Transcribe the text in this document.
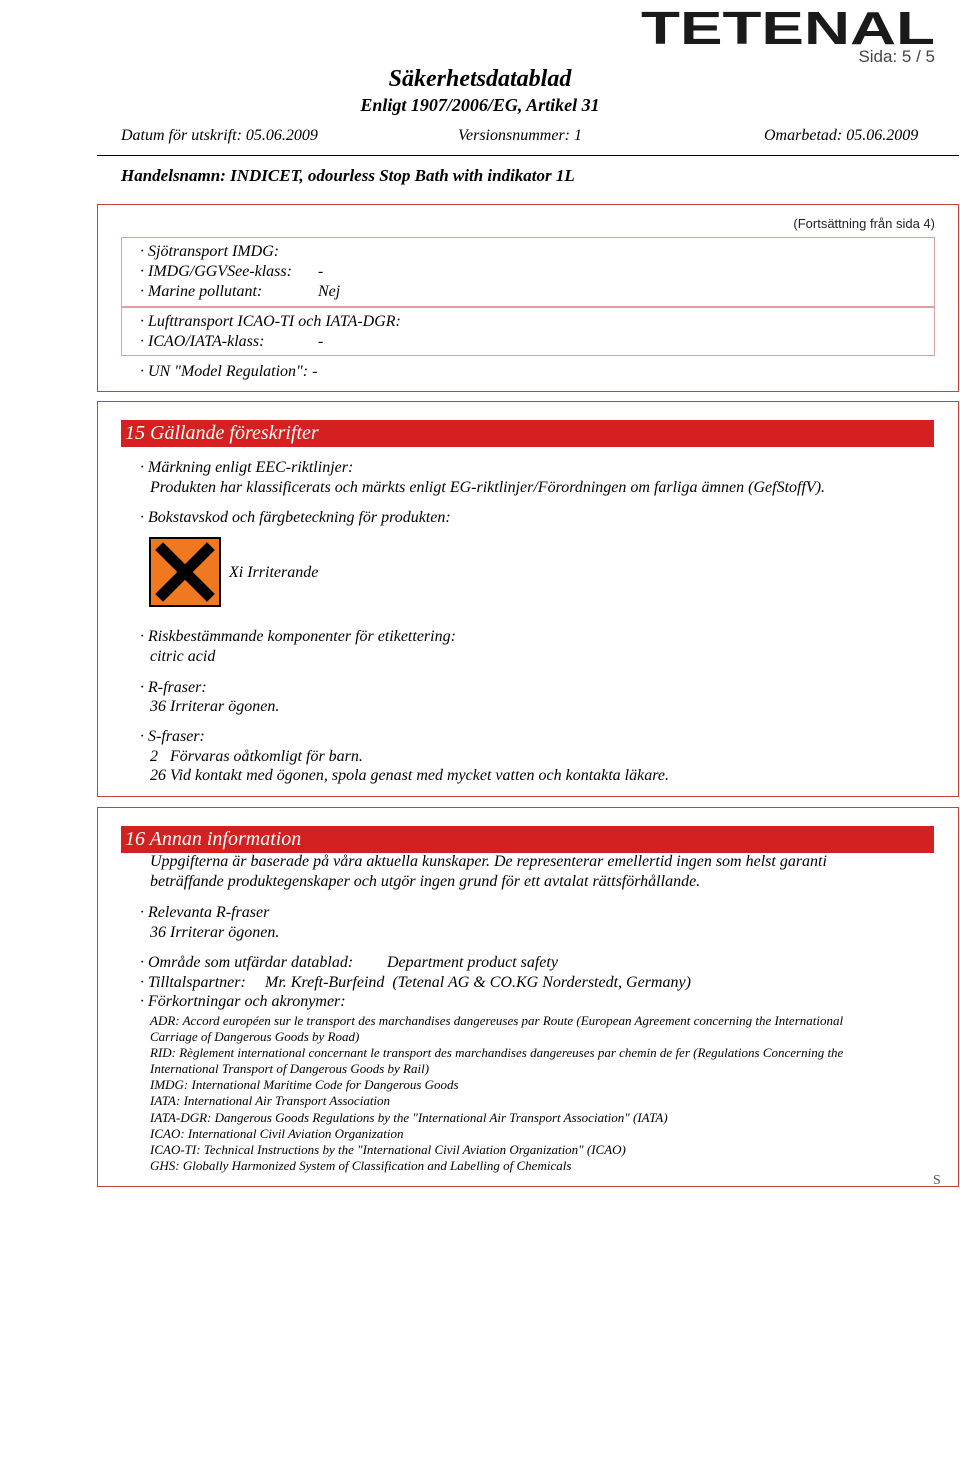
TETENAL
Sida: 5 / 5
Säkerhetsdatablad
Enligt 1907/2006/EG, Artikel 31
Datum för utskrift: 05.06.2009	Versionsnummer: 1	Omarbetad: 05.06.2009
Handelsnamn: INDICET, odourless Stop Bath with indikator 1L
(Fortsättning från sida 4)
· Sjötransport IMDG:
· IMDG/GGVSee-klass: -
· Marine pollutant:	Nej
· Lufttransport ICAO-TI och IATA-DGR:
· ICAO/IATA-klass:	-
· UN "Model Regulation": -
15 Gällande föreskrifter
· Märkning enligt EEC-riktlinjer:
Produkten har klassificerats och märkts enligt EG-riktlinjer/Förordningen om farliga ämnen (GefStoffV).
· Bokstavskod och färgbeteckning för produkten:
Xi Irriterande
· Riskbestämmande komponenter för etikettering:
citric acid
· R-fraser:
36 Irriterar ögonen.
· S-fraser:
2   Förvaras oåtkomligt för barn.
26 Vid kontakt med ögonen, spola genast med mycket vatten och kontakta läkare.
16 Annan information
Uppgifterna är baserade på våra aktuella kunskaper. De representerar emellertid ingen som helst garanti
beträffande produktegenskaper och utgör ingen grund för ett avtalat rättsförhållande.
· Relevanta R-fraser
36 Irriterar ögonen.
· Område som utfärdar datablad: Department product safety
· Tilltalspartner: Mr. Kreft-Burfeind  (Tetenal AG & CO.KG Norderstedt, Germany)
· Förkortningar och akronymer:
ADR: Accord européen sur le transport des marchandises dangereuses par Route (European Agreement concerning the International
Carriage of Dangerous Goods by Road)
RID: Règlement international concernant le transport des marchandises dangereuses par chemin de fer (Regulations Concerning the
International Transport of Dangerous Goods by Rail)
IMDG: International Maritime Code for Dangerous Goods
IATA: International Air Transport Association
IATA-DGR: Dangerous Goods Regulations by the "International Air Transport Association" (IATA)
ICAO: International Civil Aviation Organization
ICAO-TI: Technical Instructions by the "International Civil Aviation Organization" (ICAO)
GHS: Globally Harmonized System of Classification and Labelling of Chemicals
S
